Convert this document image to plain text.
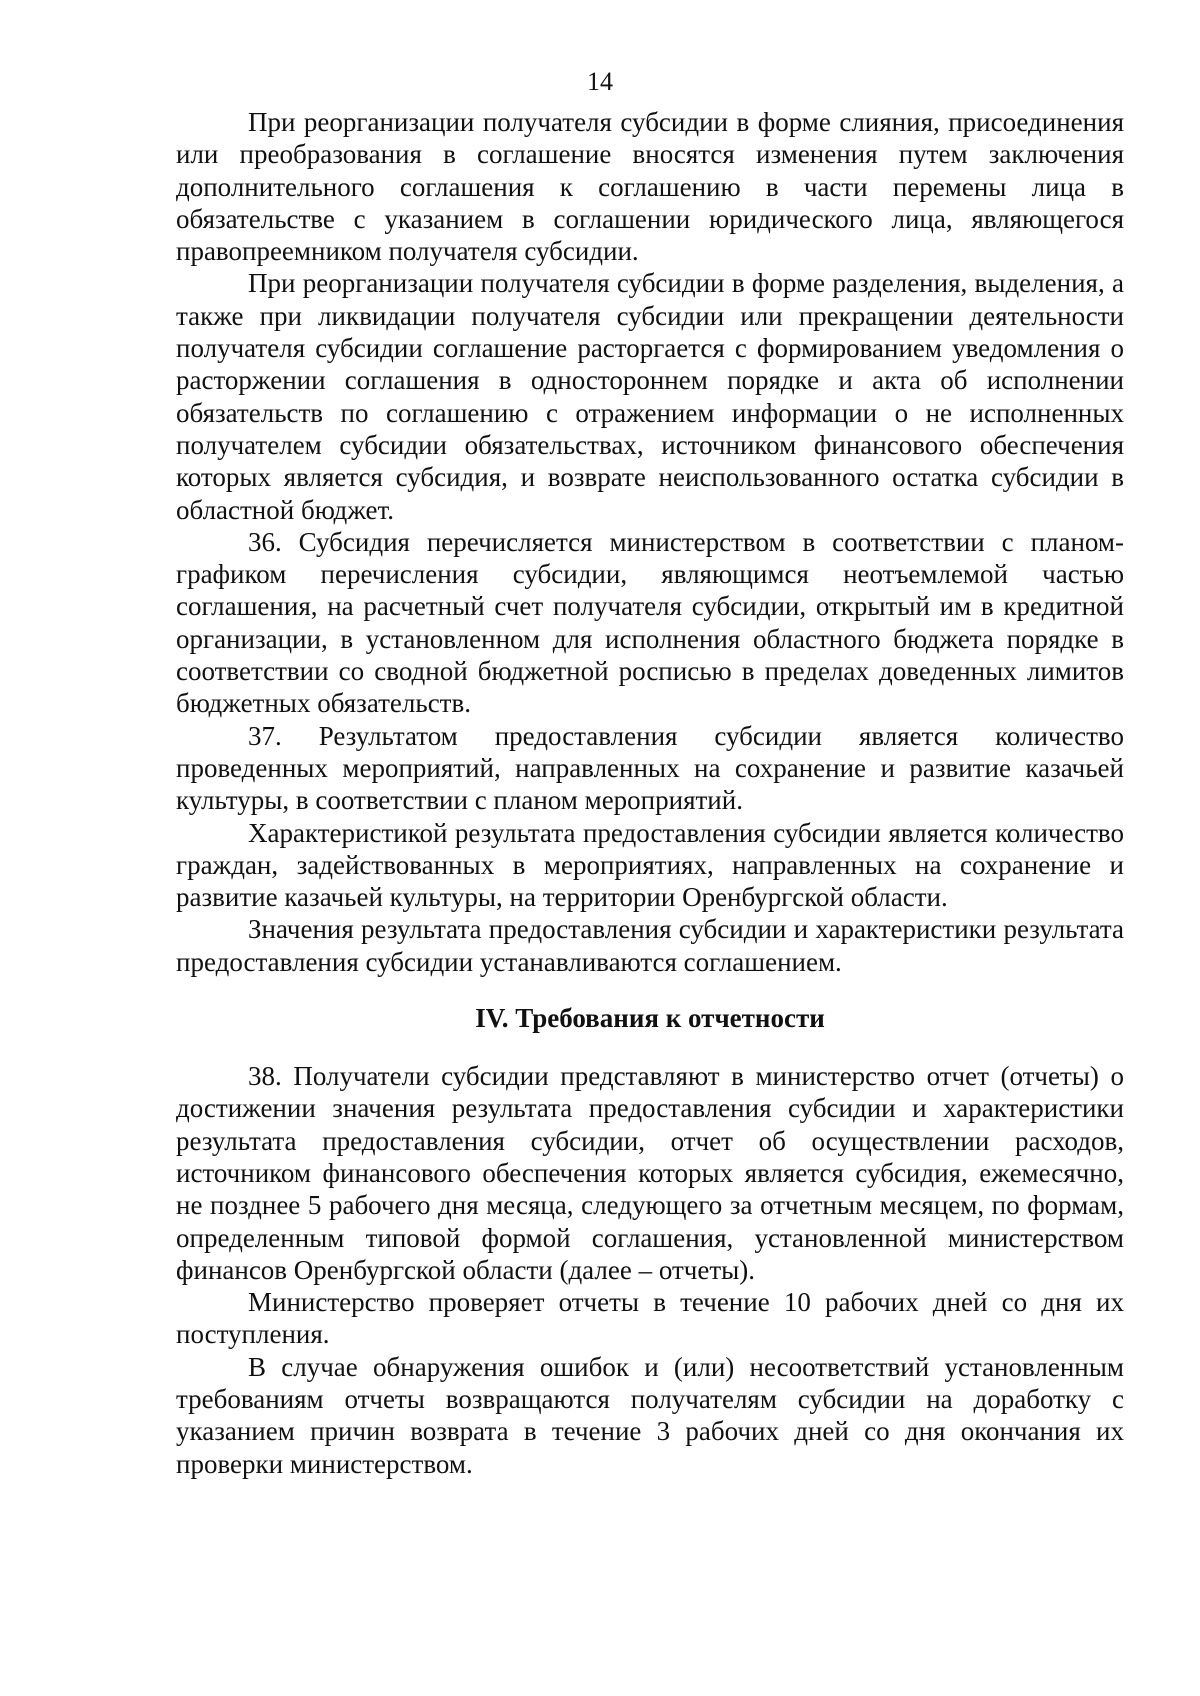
14

При реорганизации получателя субсидии в форме слияния, присоединения или преобразования в соглашение вносятся изменения путем заключения дополнительного соглашения к соглашению в части перемены лица в обязательстве с указанием в соглашении юридического лица, являющегося правопреемником получателя субсидии.

При реорганизации получателя субсидии в форме разделения, выделения, а также при ликвидации получателя субсидии или прекращении деятельности получателя субсидии соглашение расторгается с формированием уведомления о расторжении соглашения в одностороннем порядке и акта об исполнении обязательств по соглашению с отражением информации о не исполненных получателем субсидии обязательствах, источником финансового обеспечения которых является субсидия, и возврате неиспользованного остатка субсидии в областной бюджет.

36. Субсидия перечисляется министерством в соответствии с планом-графиком перечисления субсидии, являющимся неотъемлемой частью соглашения, на расчетный счет получателя субсидии, открытый им в кредитной организации, в установленном для исполнения областного бюджета порядке в соответствии со сводной бюджетной росписью в пределах доведенных лимитов бюджетных обязательств.

37. Результатом предоставления субсидии является количество проведенных мероприятий, направленных на сохранение и развитие казачьей культуры, в соответствии с планом мероприятий.

Характеристикой результата предоставления субсидии является количество граждан, задействованных в мероприятиях, направленных на сохранение и развитие казачьей культуры, на территории Оренбургской области.

Значения результата предоставления субсидии и характеристики результата предоставления субсидии устанавливаются соглашением.

IV. Требования к отчетности

38. Получатели субсидии представляют в министерство отчет (отчеты) о достижении значения результата предоставления субсидии и характеристики результата предоставления субсидии, отчет об осуществлении расходов, источником финансового обеспечения которых является субсидия, ежемесячно, не позднее 5 рабочего дня месяца, следующего за отчетным месяцем, по формам, определенным типовой формой соглашения, установленной министерством финансов Оренбургской области (далее – отчеты).

Министерство проверяет отчеты в течение 10 рабочих дней со дня их поступления.

В случае обнаружения ошибок и (или) несоответствий установленным требованиям отчеты возвращаются получателям субсидии на доработку с указанием причин возврата в течение 3 рабочих дней со дня окончания их проверки министерством.
